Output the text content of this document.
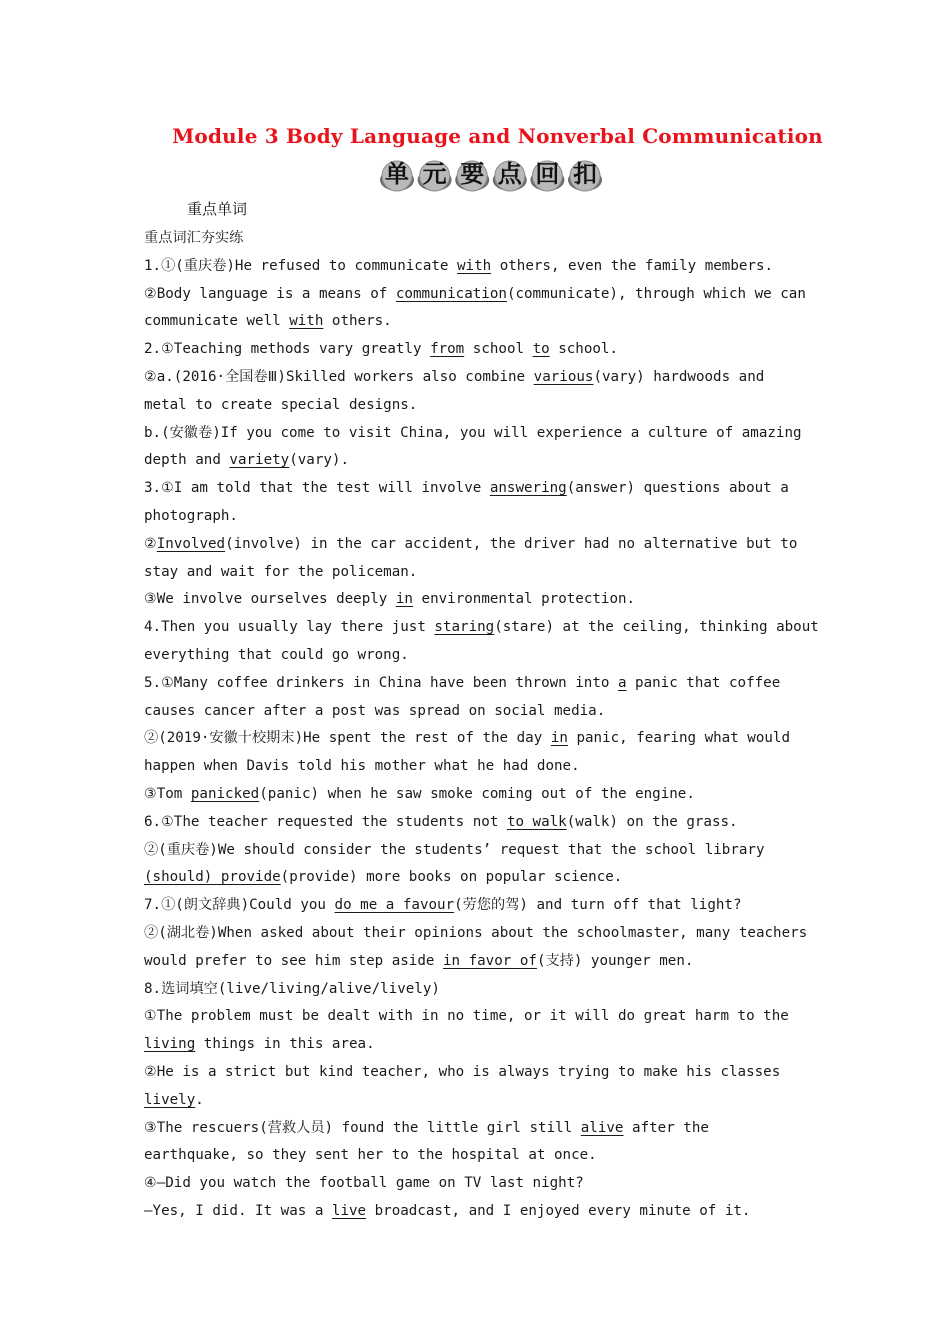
Module 3 Body Language and Nonverbal Communication
单 元 要 点 回 扣
重点单词
重点词汇夯实练
1.①(重庆卷)He refused to communicate with others, even the family members.
②Body language is a means of communication(communicate), through which we can
communicate well with others.
2.①Teaching methods vary greatly from school to school.
②a.(2016·全国卷Ⅲ)Skilled workers also combine various(vary) hardwoods and
metal to create special designs.
b.(安徽卷)If you come to visit China, you will experience a culture of amazing
depth and variety(vary).
3.①I am told that the test will involve answering(answer) questions about a
photograph.
②Involved(involve) in the car accident, the driver had no alternative but to
stay and wait for the policeman.
③We involve ourselves deeply in environmental protection.
4.Then you usually lay there just staring(stare) at the ceiling, thinking about
everything that could go wrong.
5.①Many coffee drinkers in China have been thrown into a panic that coffee
causes cancer after a post was spread on social media.
②(2019·安徽十校期末)He spent the rest of the day in panic, fearing what would
happen when Davis told his mother what he had done.
③Tom panicked(panic) when he saw smoke coming out of the engine.
6.①The teacher requested the students not to walk(walk) on the grass.
②(重庆卷)We should consider the students’ request that the school library
(should) provide(provide) more books on popular science.
7.①(朗文辞典)Could you do me a favour(劳您的驾) and turn off that light?
②(湖北卷)When asked about their opinions about the schoolmaster, many teachers
would prefer to see him step aside in favor of(支持) younger men.
8.选词填空(live/living/alive/lively)
①The problem must be dealt with in no time, or it will do great harm to the
living things in this area.
②He is a strict but kind teacher, who is always trying to make his classes
lively.
③The rescuers(营救人员) found the little girl still alive after the
earthquake, so they sent her to the hospital at once.
④—Did you watch the football game on TV last night?
—Yes, I did. It was a live broadcast, and I enjoyed every minute of it.
